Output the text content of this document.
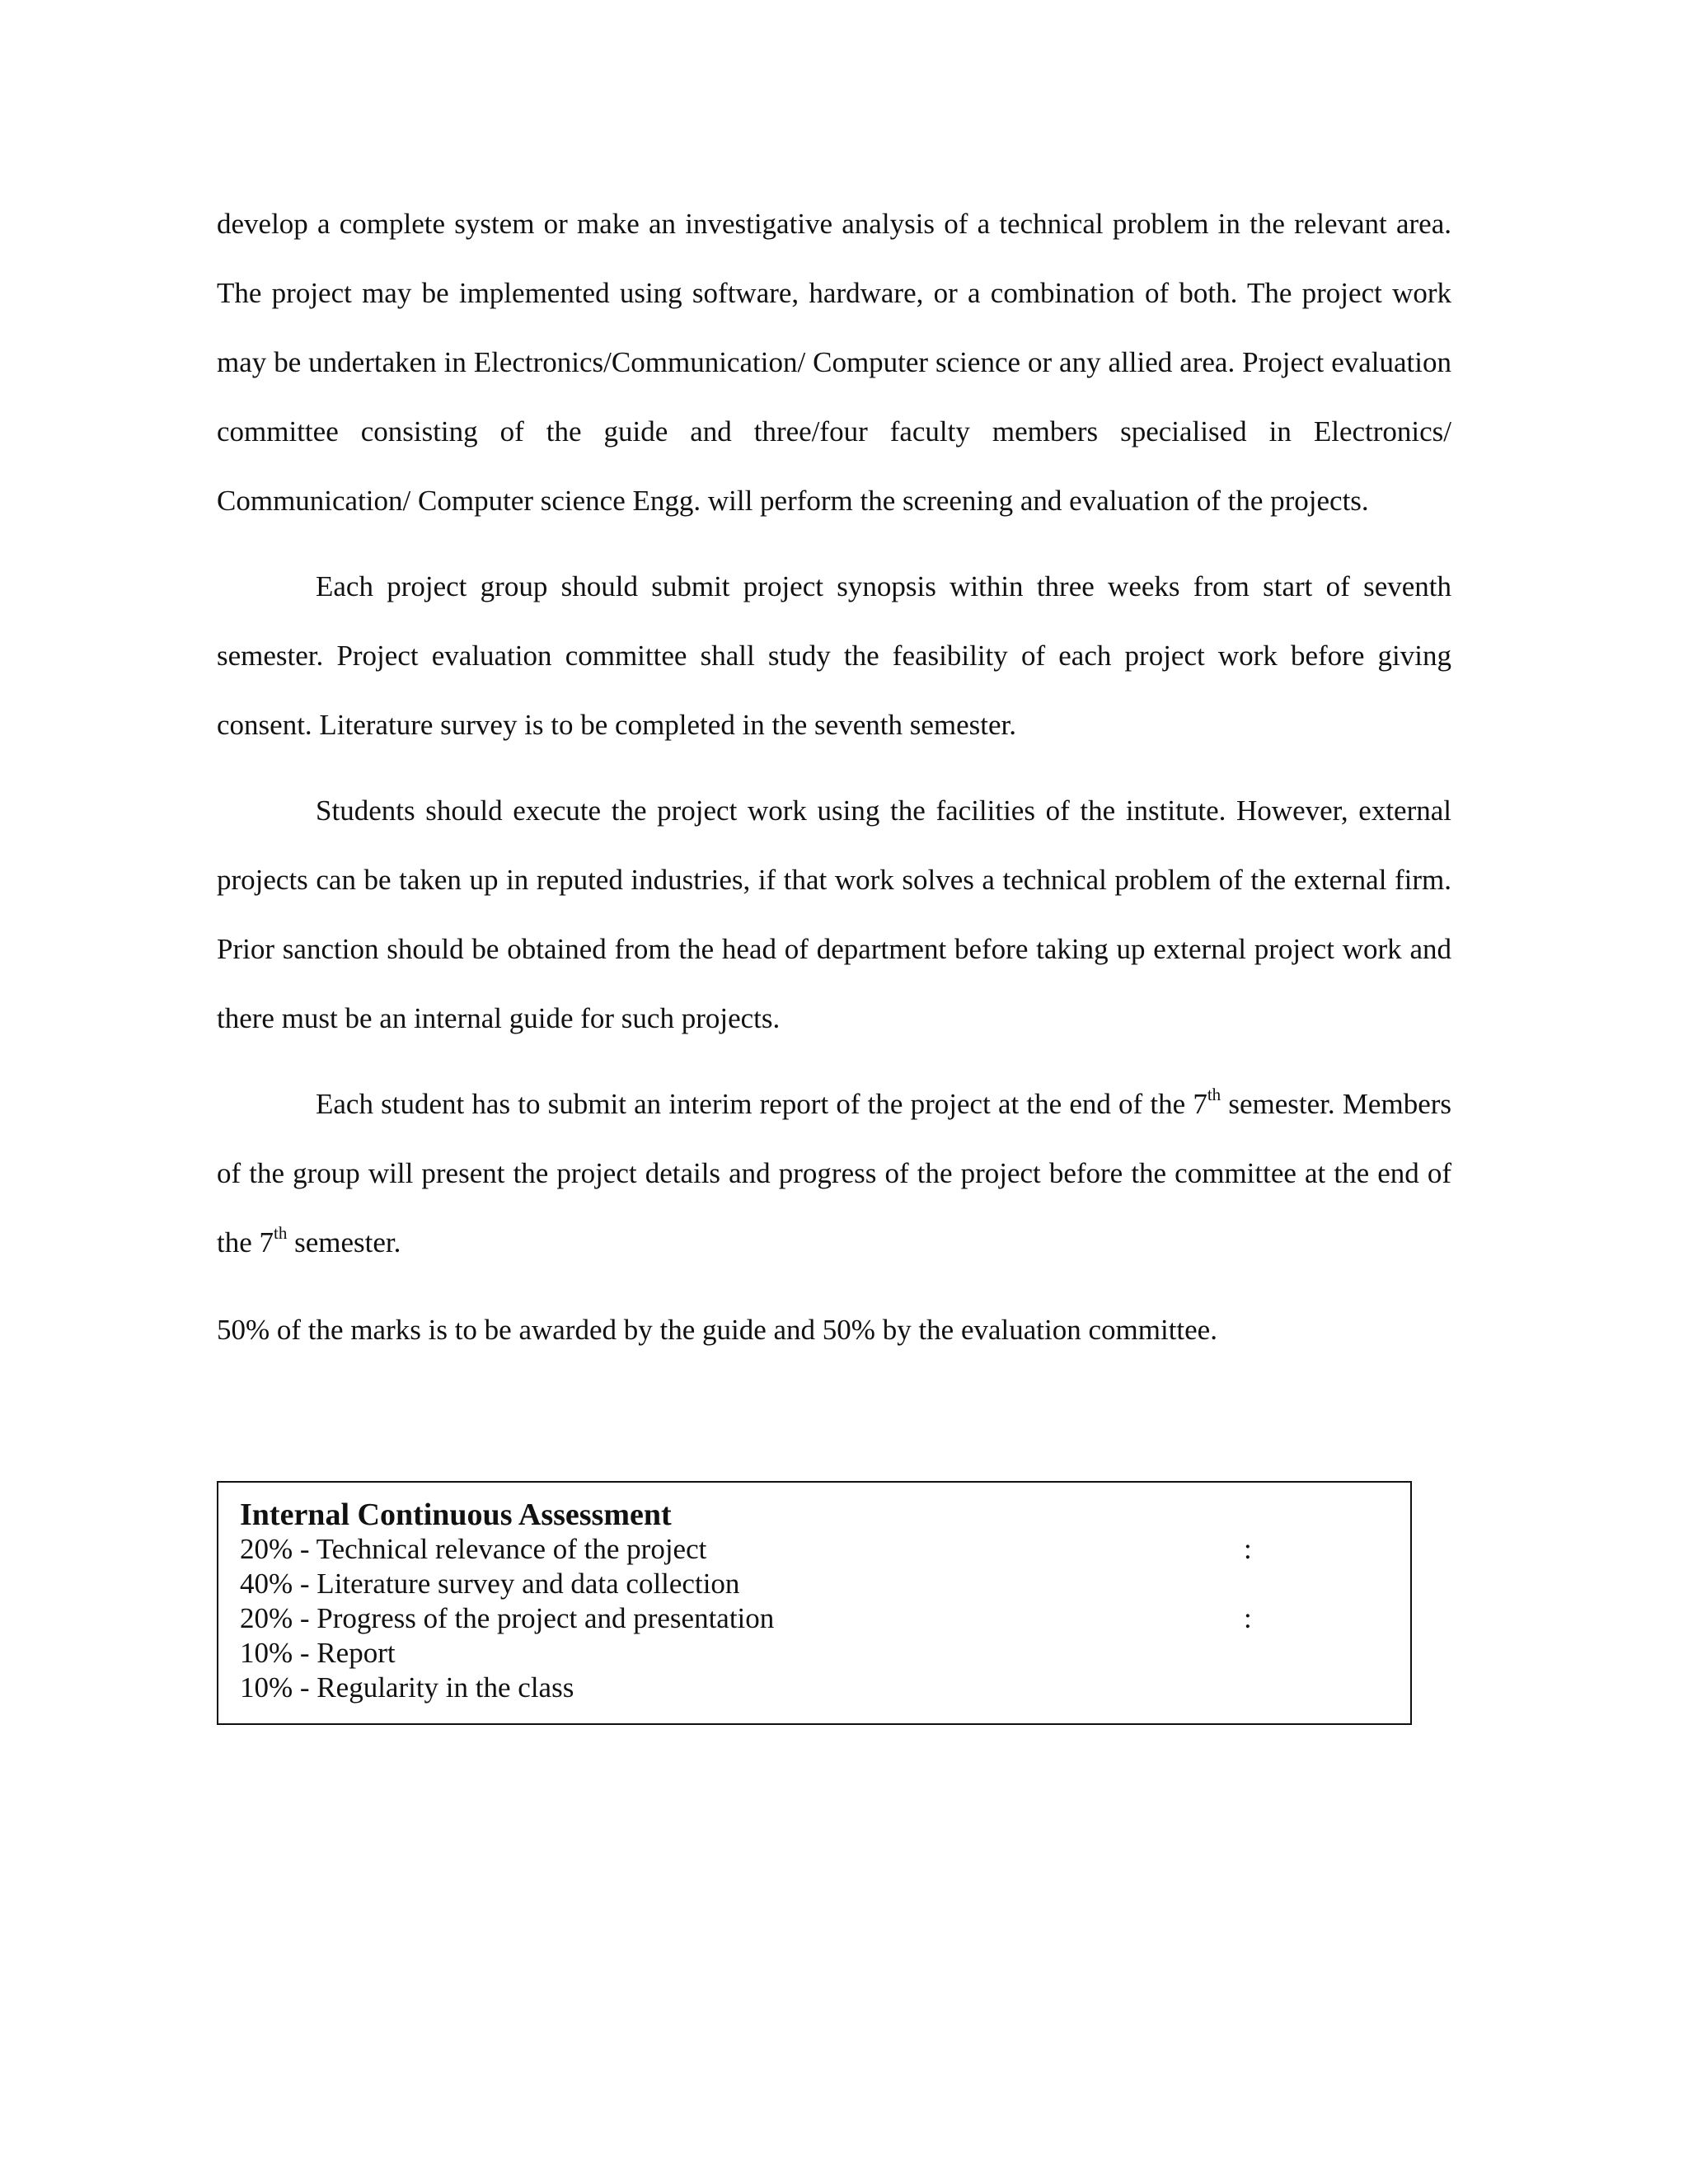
develop a complete system or make an investigative analysis of a technical problem in the relevant area. The project may be implemented using software, hardware, or a combination of both. The project work may be undertaken in Electronics/Communication/ Computer science or any allied area. Project evaluation committee consisting of the guide and three/four faculty members specialised in Electronics/ Communication/ Computer science Engg. will perform the screening and evaluation of the projects.

Each project group should submit project synopsis within three weeks from start of seventh semester. Project evaluation committee shall study the feasibility of each project work before giving consent. Literature survey is to be completed in the seventh semester.

Students should execute the project work using the facilities of the institute. However, external projects can be taken up in reputed industries, if that work solves a technical problem of the external firm. Prior sanction should be obtained from the head of department before taking up external project work and there must be an internal guide for such projects.

Each student has to submit an interim report of the project at the end of the 7th semester. Members of the group will present the project details and progress of the project before the committee at the end of the 7th semester.

50% of the marks is to be awarded by the guide and 50% by the evaluation committee.

Internal Continuous Assessment

20% - Technical relevance of the project	:
40% - Literature survey and data collection
20% - Progress of the project and presentation	:
10% - Report
10% - Regularity in the class
